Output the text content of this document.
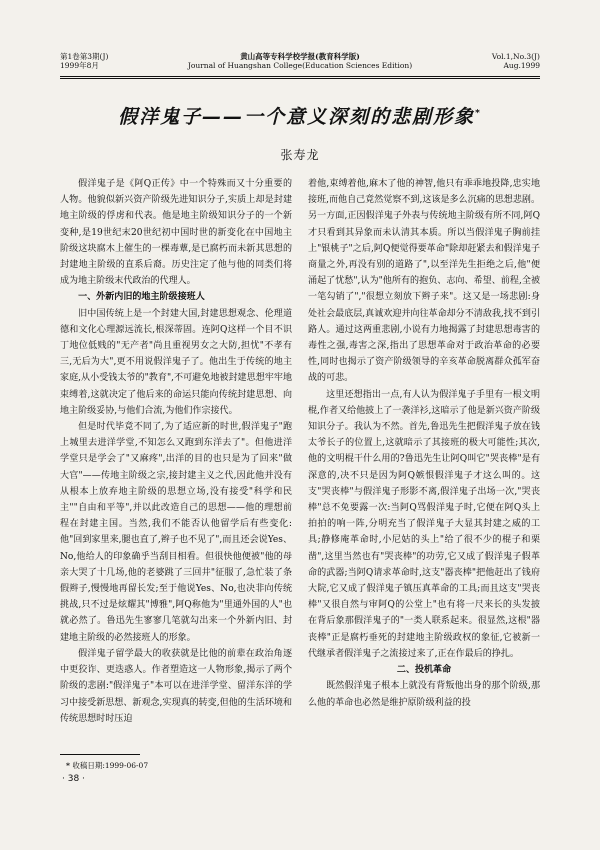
第1卷第3期(J)
1999年8月
黄山高等专科学校学报(教育科学版)
Journal of Huangshan College(Education Sciences Edition)
Vol.1,No.3(J)
Aug.1999
假洋鬼子——一个意义深刻的悲剧形象*
张寿龙

假洋鬼子是《阿Q正传》中一个特殊而又十分重要的人物。他貌似新兴资产阶级先进知识分子,实质上却是封建地主阶级的俘虏和代表。他是地主阶级知识分子的一个新变种,是19世纪末20世纪初中国时世的新变化在中国地主阶级这块腐木上催生的一棵毒蕈,是已腐朽而未新其思想的封建地主阶级的直系后裔。历史注定了他与他的同类们将成为地主阶级末代政治的代理人。

一、外新内旧的地主阶级接班人

旧中国传统上是一个封建大国,封建思想观念、伦理道德和文化心理源远流长,根深蒂固。连阿Q这样一个目不识丁地位低贱的"无产者"尚且重视男女之大防,担忧"不孝有三,无后为大",更不用说假洋鬼子了。他出生于传统的地主家庭,从小受钱太爷的"教育",不可避免地被封建思想牢牢地束缚着,这就决定了他后来的命运只能向传统封建思想、向地主阶级妥协,与他们合流,为他们作宗接代。

但是时代毕竟不同了,为了适应新的时世,假洋鬼子"跑上城里去进洋学堂,不知怎么又跑到东洋去了"。但他进洋学堂只是学会了"又麻疼",出洋的目的也只是为了回来"做大官"——传地主阶级之宗,接封建主义之代,因此他并没有从根本上放弃地主阶级的思想立场,没有接受"科学和民主""自由和平等",并以此改造自己的思想——他的理想前程在封建主国。当然,我们不能否认他留学后有些变化:他"回到家里来,腿也直了,辫子也不见了",而且还会说Yes、No,他给人的印象确乎当刮目相看。但很快他便被"他的母亲大哭了十几场,他的老婆跳了三回井"征服了,急忙装了条假辫子,慢慢地再留长发;至于他说Yes、No,也决非向传统挑战,只不过是炫耀其"博雅",阿Q称他为"里通外国的人"也就必然了。鲁迅先生寥寥几笔就勾出来一个外新内旧、封建地主阶级的必然接班人的形象。

假洋鬼子留学最大的收获就是比他的前辈在政治角逐中更狡诈、更迭惑人。作者塑造这一人物形象,揭示了两个阶级的悲剧:"假洋鬼子"本可以在进洋学堂、留洋东洋的学习中接受新思想、新观念,实现真的转变,但他的生活环境和传统思想时时压迫

着他,束缚着他,麻木了他的神智,他只有乖乖地投降,忠实地接班,而他自己竟然觉察不到,这该是多么沉痛的思想悲剧。另一方面,正因假洋鬼子外表与传统地主阶级有所不同,阿Q才只看到其异象而未认清其本质。所以当假洋鬼子胸前挂上"银桃子"之后,阿Q便觉得要革命"除却赶紧去和假洋鬼子商量之外,再没有别的道路了",以至洋先生拒绝之后,他"便涌起了忧愁",认为"他所有的抱负、志向、希望、前程,全被一笔勾销了","很想立刻放下辫子来"。这又是一场悲剧:身处社会最底层,真诚欢迎并向往革命却分不清敌我,找不到引路人。通过这两重悲剧,小说有力地揭露了封建思想毒害的毒性之强,毒害之深,指出了思想革命对于政治革命的必要性,同时也揭示了资产阶级领导的辛亥革命脱离群众孤军奋战的可悲。

这里还想指出一点,有人认为假洋鬼子手里有一根文明棍,作者又给他披上了一袭洋衫,这暗示了他是新兴资产阶级知识分子。我认为不然。首先,鲁迅先生把假洋鬼子放在钱太爷长子的位置上,这就暗示了其接班的极大可能性;其次,他的文明棍干什么用的?鲁迅先生让阿Q叫它"哭丧棒"是有深意的,决不只是因为阿Q嫉恨假洋鬼子才这么叫的。这支"哭丧棒"与假洋鬼子形影不离,假洋鬼子出场一次,"哭丧棒"总不免要露一次:当阿Q骂假洋鬼子时,它便在阿Q头上拍拍的响一阵,分明充当了假洋鬼子大显其封建之威的工具;静修庵革命时,小尼姑的头上"给了很不少的棍子和栗凿",这里当然也有"哭丧棒"的功劳,它又成了假洋鬼子假革命的武器;当阿Q请求革命时,这支"器丧棒"把他赶出了钱府大院,它又成了假洋鬼子镇压真革命的工具;而且这支"哭丧棒"又很自然与审阿Q的公堂上"也有将一尺来长的头发披在背后象那假洋鬼子的"一类人联系起来。很显然,这根"器丧棒"正是腐朽垂死的封建地主阶级政权的象征,它被新一代继承者假洋鬼子之流接过来了,正在作最后的挣扎。

二、投机革命

既然假洋鬼子根本上就没有背叛他出身的那个阶级,那么他的革命也必然是维护原阶级利益的投

* 收稿日期:1999-06-07
· 38 ·
